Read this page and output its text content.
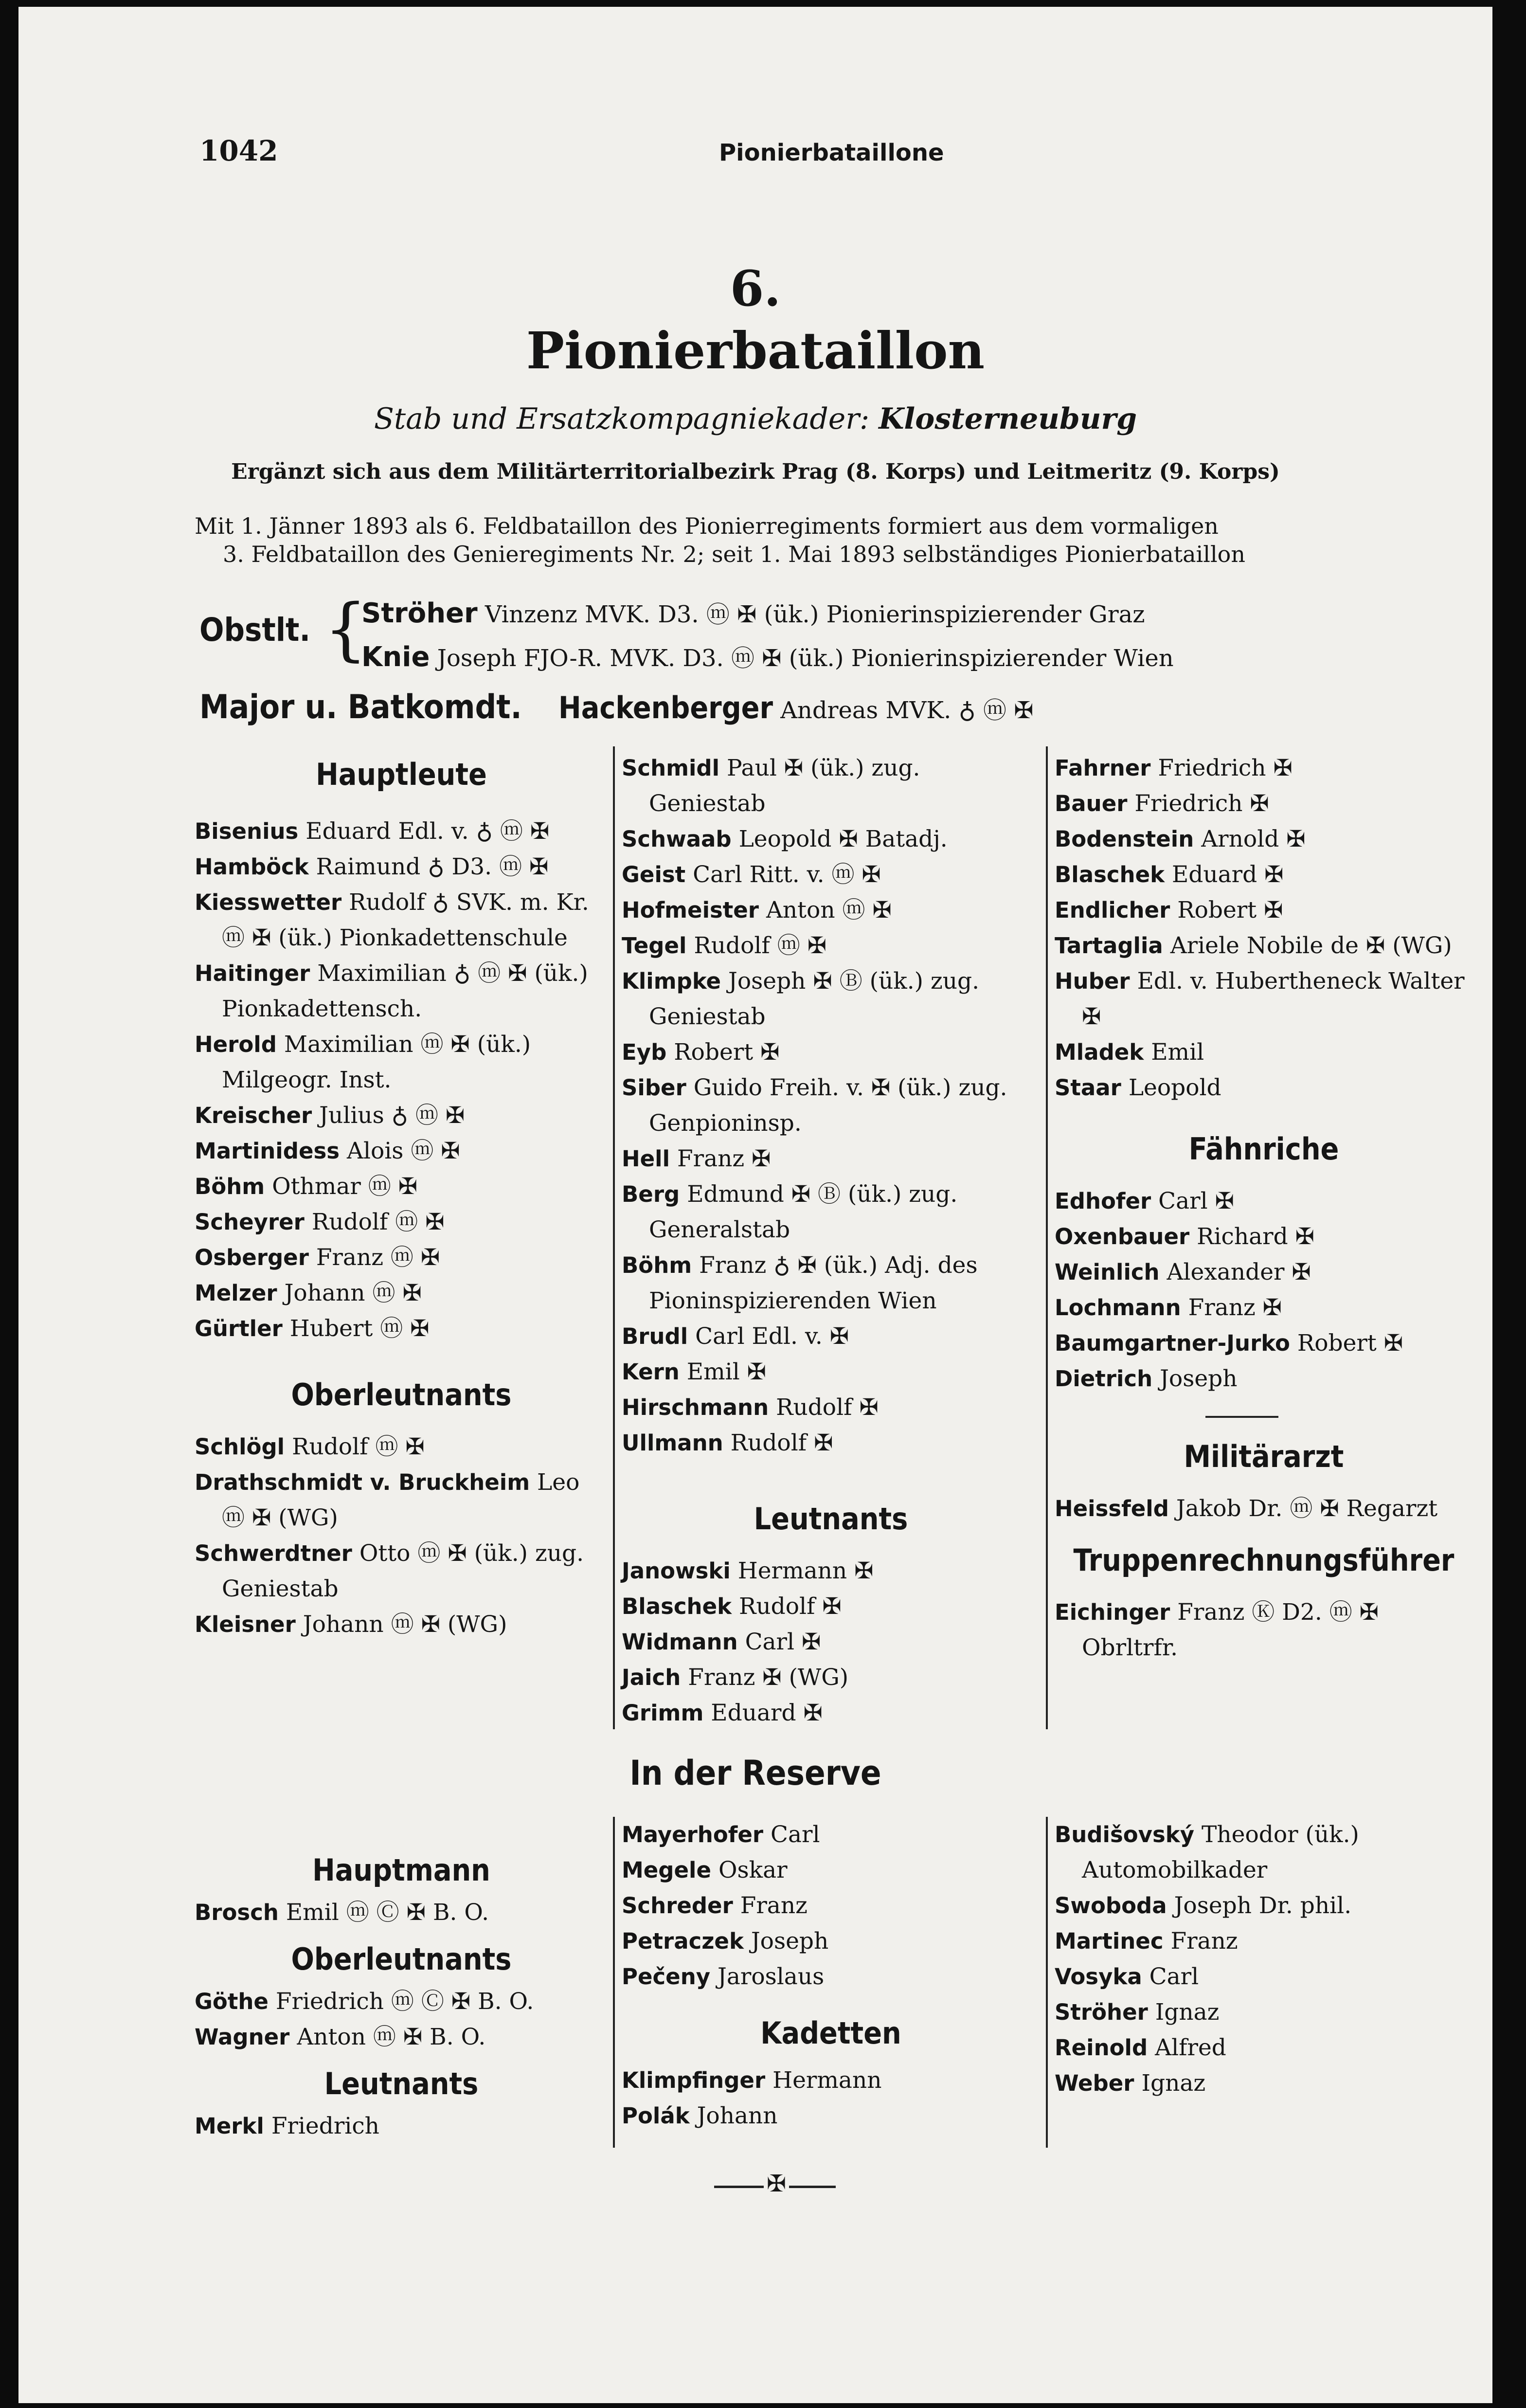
1042	Pionierbataillone
6.
Pionierbataillon
Stab und Ersatzkompagniekader: Klosterneuburg
Ergänzt sich aus dem Militärterritorialbezirk Prag (8. Korps) und Leitmeritz (9. Korps)
Mit 1. Jänner 1893 als 6. Feldbataillon des Pionierregiments formiert aus dem vormaligen
3. Feldbataillon des Genieregiments Nr. 2; seit 1. Mai 1893 selbständiges Pionierbataillon
Obstlt. {
Ströher Vinzenz MVK. D3. ⓜ ✠ (ük.) Pionierinspizierender Graz
Knie Joseph FJO-R. MVK. D3. ⓜ ✠ (ük.) Pionierinspizierender Wien
Major u. Batkomdt. Hackenberger Andreas MVK. ♁ ⓜ ✠
Hauptleute
Bisenius Eduard Edl. v. ♁ ⓜ ✠
Hamböck Raimund ♁ D3. ⓜ ✠
Kiesswetter Rudolf ♁ SVK. m. Kr. ⓜ ✠ (ük.) Pionkadettenschule
Haitinger Maximilian ♁ ⓜ ✠ (ük.) Pionkadettensch.
Herold Maximilian ⓜ ✠ (ük.) Milgeogr. Inst.
Kreischer Julius ♁ ⓜ ✠
Martinidess Alois ⓜ ✠
Böhm Othmar ⓜ ✠
Scheyrer Rudolf ⓜ ✠
Osberger Franz ⓜ ✠
Melzer Johann ⓜ ✠
Gürtler Hubert ⓜ ✠
Oberleutnants
Schlögl Rudolf ⓜ ✠
Drathschmidt v. Bruckheim Leo ⓜ ✠ (WG)
Schwerdtner Otto ⓜ ✠ (ük.) zug. Geniestab
Kleisner Johann ⓜ ✠ (WG)
Schmidl Paul ✠ (ük.) zug. Geniestab
Schwaab Leopold ✠ Batadj.
Geist Carl Ritt. v. ⓜ ✠
Hofmeister Anton ⓜ ✠
Tegel Rudolf ⓜ ✠
Klimpke Joseph ✠ Ⓑ (ük.) zug. Geniestab
Eyb Robert ✠
Siber Guido Freih. v. ✠ (ük.) zug. Genpioninsp.
Hell Franz ✠
Berg Edmund ✠ Ⓑ (ük.) zug. Generalstab
Böhm Franz ♁ ✠ (ük.) Adj. des Pioninspizierenden Wien
Brudl Carl Edl. v. ✠
Kern Emil ✠
Hirschmann Rudolf ✠
Ullmann Rudolf ✠
Leutnants
Janowski Hermann ✠
Blaschek Rudolf ✠
Widmann Carl ✠
Jaich Franz ✠ (WG)
Grimm Eduard ✠
Fahrner Friedrich ✠
Bauer Friedrich ✠
Bodenstein Arnold ✠
Blaschek Eduard ✠
Endlicher Robert ✠
Tartaglia Ariele Nobile de ✠ (WG)
Huber Edl. v. Hubertheneck Walter ✠
Mladek Emil
Staar Leopold
Fähnriche
Edhofer Carl ✠
Oxenbauer Richard ✠
Weinlich Alexander ✠
Lochmann Franz ✠
Baumgartner-Jurko Robert ✠
Dietrich Joseph
Militärarzt
Heissfeld Jakob Dr. ⓜ ✠ Regarzt
Truppenrechnungsführer
Eichinger Franz Ⓚ D2. ⓜ ✠ Obrltrfr.
In der Reserve
Hauptmann
Brosch Emil ⓜ Ⓒ ✠ B. O.
Oberleutnants
Göthe Friedrich ⓜ Ⓒ ✠ B. O.
Wagner Anton ⓜ ✠ B. O.
Leutnants
Merkl Friedrich
Mayerhofer Carl
Megele Oskar
Schreder Franz
Petraczek Joseph
Pečeny Jaroslaus
Kadetten
Klimpfinger Hermann
Polák Johann
Budišovský Theodor (ük.) Automobilkader
Swoboda Joseph Dr. phil.
Martinec Franz
Vosyka Carl
Ströher Ignaz
Reinold Alfred
Weber Ignaz
✠
